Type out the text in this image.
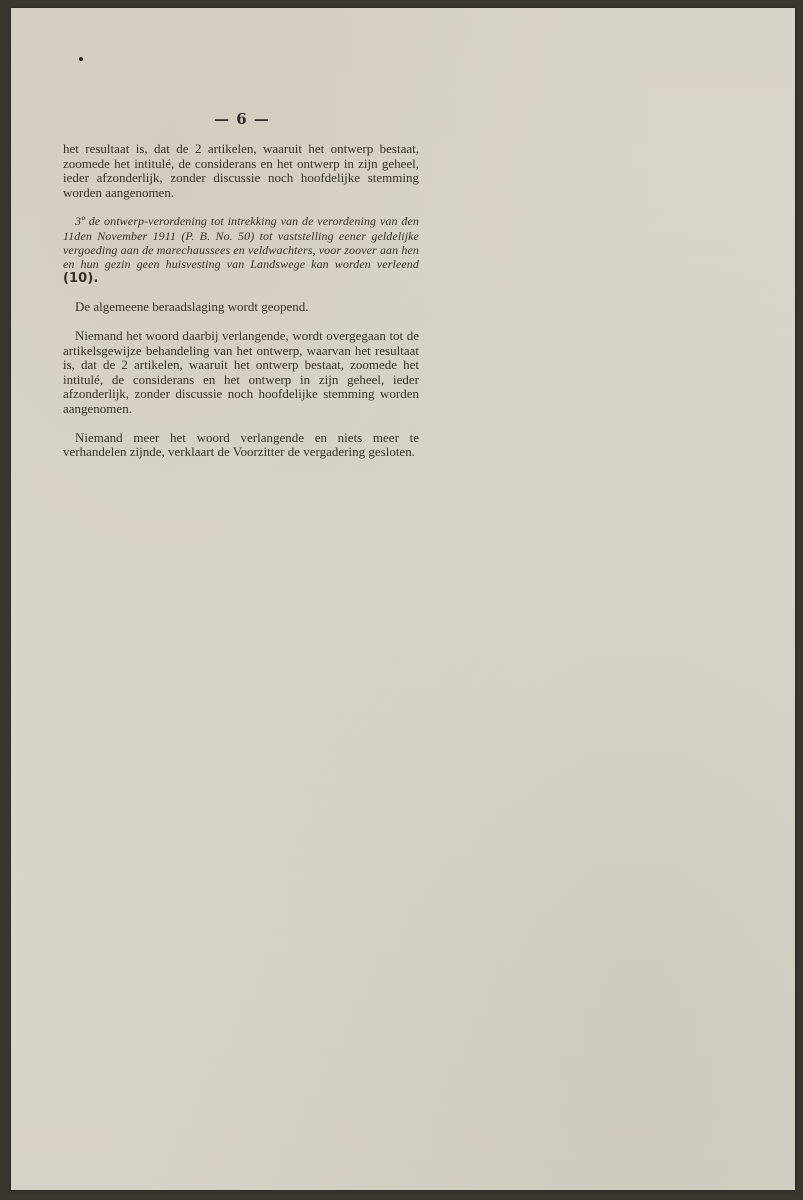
— 6 —

het resultaat is, dat de 2 artikelen, waaruit het ontwerp bestaat, zoomede het intitulé, de considerans en het ontwerp in zijn geheel, ieder afzonderlijk, zonder discussie noch hoofdelijke stemming worden aangenomen.

3º de ontwerp-verordening tot intrekking van de verordening van den 11den November 1911 (P. B. No. 50) tot vaststelling eener geldelijke vergoeding aan de marechaussees en veldwachters, voor zoover aan hen en hun gezin geen huisvesting van Landswege kan worden verleend (10).

De algemeene beraadslaging wordt geopend.

Niemand het woord daarbij verlangende, wordt overgegaan tot de artikelsgewijze behandeling van het ontwerp, waarvan het resultaat is, dat de 2 artikelen, waaruit het ontwerp bestaat, zoomede het intitulé, de considerans en het ontwerp in zijn geheel, ieder afzonderlijk, zonder discussie noch hoofdelijke stemming worden aangenomen.

Niemand meer het woord verlangende en niets meer te verhandelen zijnde, verklaart de Voorzitter de vergadering gesloten.
